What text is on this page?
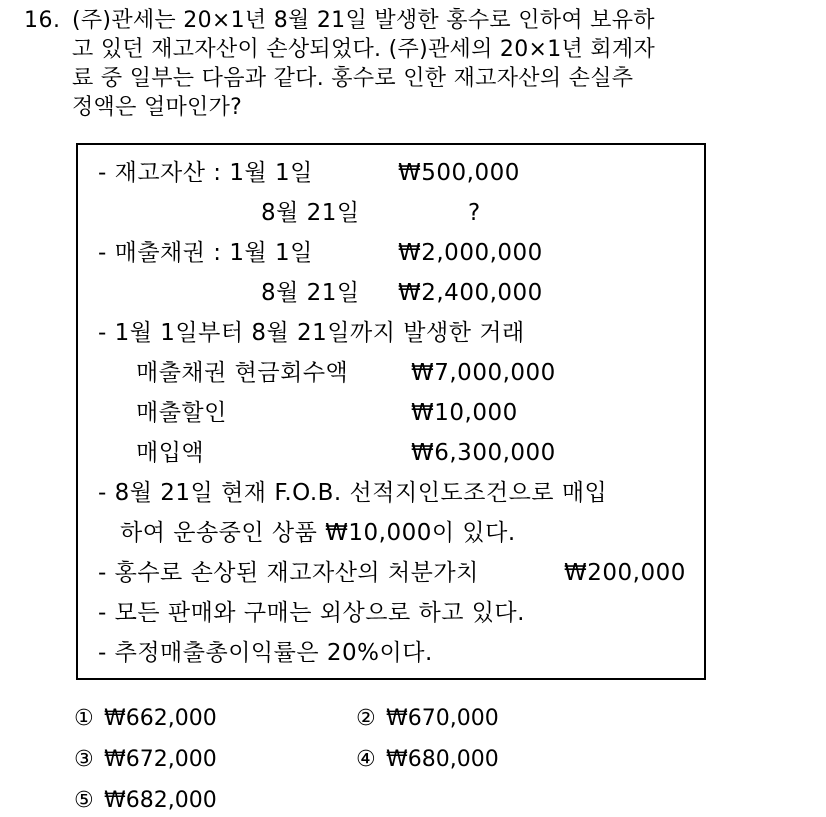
16. (주)관세는 20×1년 8월 21일 발생한 홍수로 인하여 보유하
고 있던 재고자산이 손상되었다. (주)관세의 20×1년 회계자
료 중 일부는 다음과 같다. 홍수로 인한 재고자산의 손실추
정액은 얼마인가?
- 재고자산 : 1월 1일	₩500,000
8월 21일	?
- 매출채권 : 1월 1일	₩2,000,000
8월 21일 ₩2,400,000
- 1월 1일부터 8월 21일까지 발생한 거래
매출채권 현금회수액	₩7,000,000
매출할인	₩10,000
매입액	₩6,300,000
- 8월 21일 현재 F.O.B. 선적지인도조건으로 매입
하여 운송중인 상품 ₩10,000이 있다.
- 홍수로 손상된 재고자산의 처분가치	₩200,000
- 모든 판매와 구매는 외상으로 하고 있다.
- 추정매출총이익률은 20%이다.
① ₩662,000	② ₩670,000
③ ₩672,000	④ ₩680,000
⑤ ₩682,000
